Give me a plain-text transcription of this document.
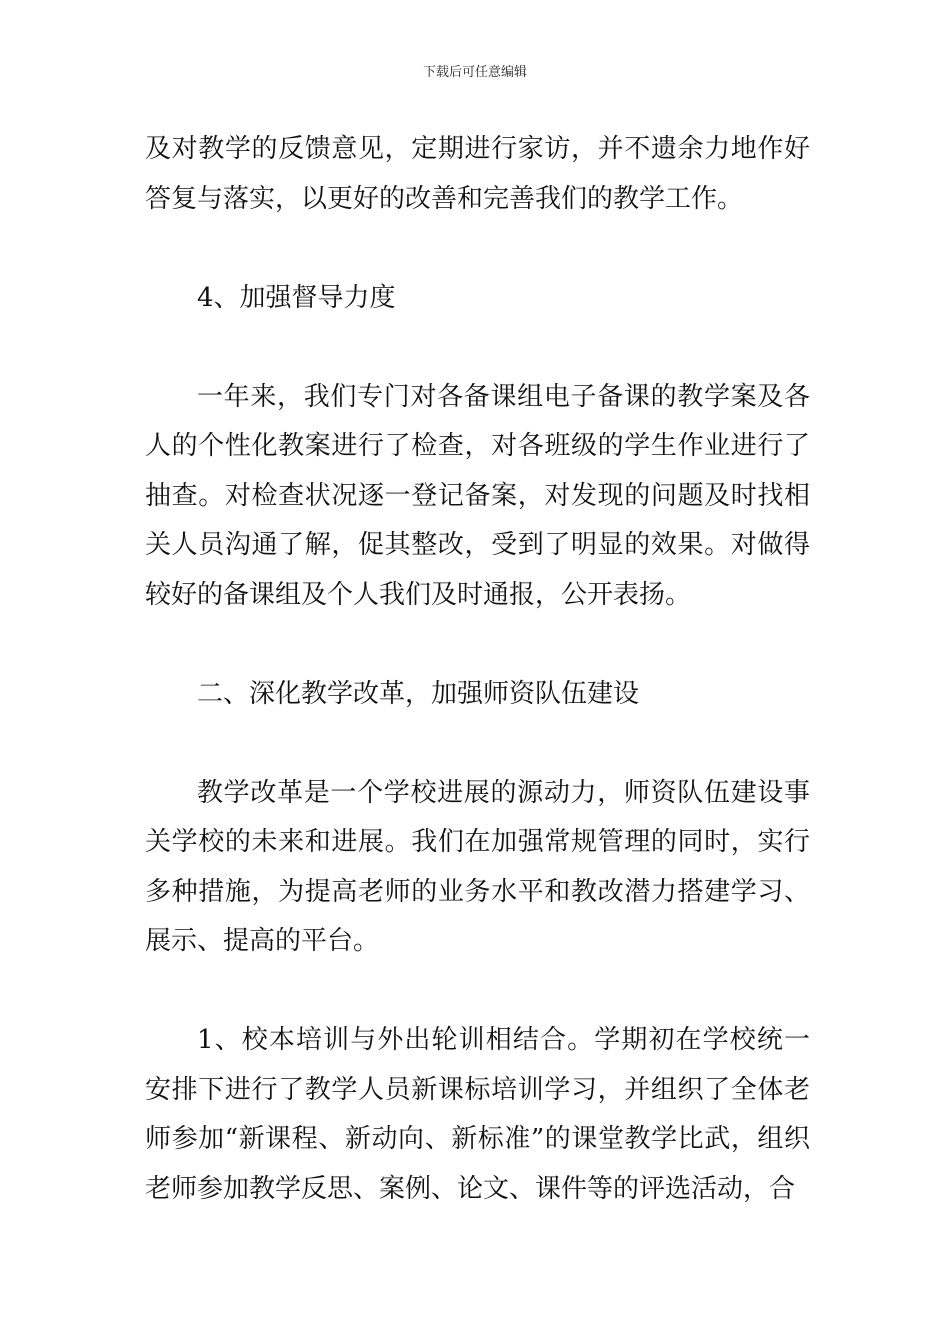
下载后可任意编辑

及对教学的反馈意见，定期进行家访，并不遗余力地作好答复与落实，以更好的改善和完善我们的教学工作。

4、加强督导力度

一年来，我们专门对各备课组电子备课的教学案及各人的个性化教案进行了检查，对各班级的学生作业进行了抽查。对检查状况逐一登记备案，对发现的问题及时找相关人员沟通了解，促其整改，受到了明显的效果。对做得较好的备课组及个人我们及时通报，公开表扬。

二、深化教学改革，加强师资队伍建设

教学改革是一个学校进展的源动力，师资队伍建设事关学校的未来和进展。我们在加强常规管理的同时，实行多种措施，为提高老师的业务水平和教改潜力搭建学习、展示、提高的平台。

1、校本培训与外出轮训相结合。学期初在学校统一安排下进行了教学人员新课标培训学习，并组织了全体老师参加“新课程、新动向、新标准”的课堂教学比武，组织老师参加教学反思、案例、论文、课件等的评选活动，合
